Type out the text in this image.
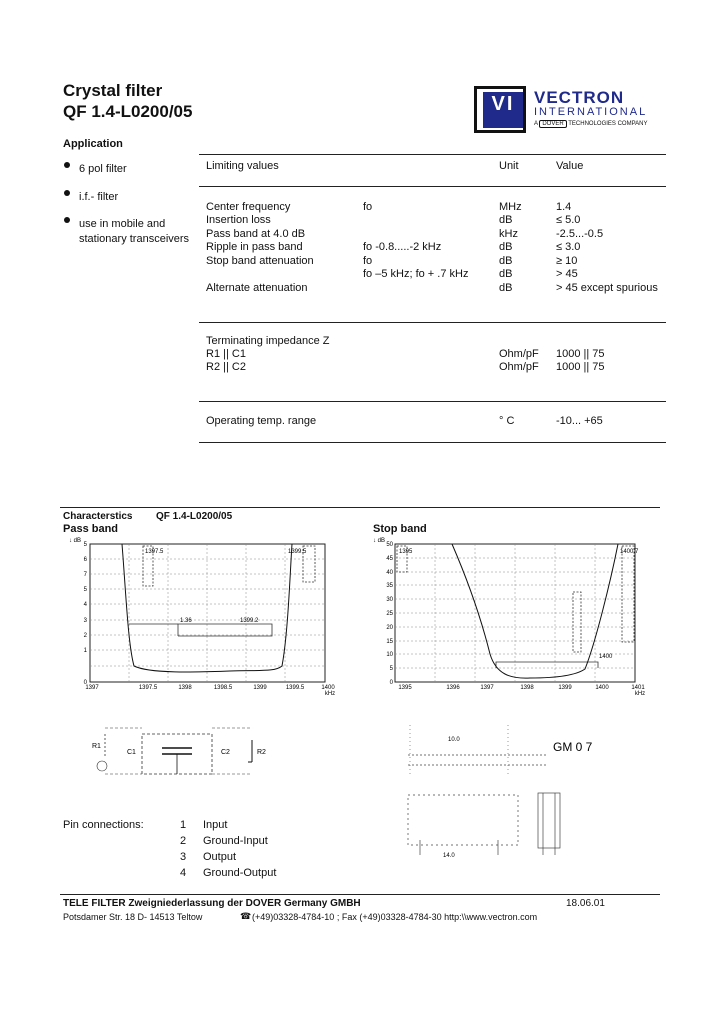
Crystal filter
QF 1.4-L0200/05	VI	VECTRON
INTERNATIONAL
A DOVER TECHNOLOGIES COMPANY
Application
6 pol filter
i.f.- filter
use in mobile and
stationary transceivers
Limiting values	Unit	Value
Center frequency	fo	MHz	1.4
Insertion loss	dB	≤ 5.0
Pass band at 4.0 dB	kHz	-2.5...-0.5
Ripple in pass band	fo -0.8.....-2 kHz	dB	≤ 3.0
Stop band attenuation	fo	dB	≥ 10
fo –5 kHz; fo + .7 kHz	dB	> 45
Alternate attenuation	dB	> 45 except spurious
Terminating impedance Z
R1 || C1	Ohm/pF 1000 || 75
R2 || C2	Ohm/pF 1000 || 75
Operating temp. range	° C	-10... +65
Characterstics QF 1.4-L0200/05
Pass band	Stop band
↓ dB
5
6
7
5
4
3
2
1
0
1397	1397.5	1398	1398.5	1399	1399.5	1400
kHz
1397.5	1399.5
1.36	1399.2
↓ dB
50
45
40
35
30
25
20
15
10
5
0
1395	1396	1397	1398	1399	1400	1401
kHz
1395	1400.7
1400
R1
C1	C2	R2
10.0	GM 0 7
14.0
Pin connections:	1 Input
2 Ground-Input
3 Output
4 Ground-Output
TELE FILTER Zweigniederlassung der DOVER Germany GMBH	18.06.01
Potsdamer Str. 18 D- 14513 Teltow	☎ (+49)03328-4784-10 ; Fax (+49)03328-4784-30 http:\\www.vectron.com
